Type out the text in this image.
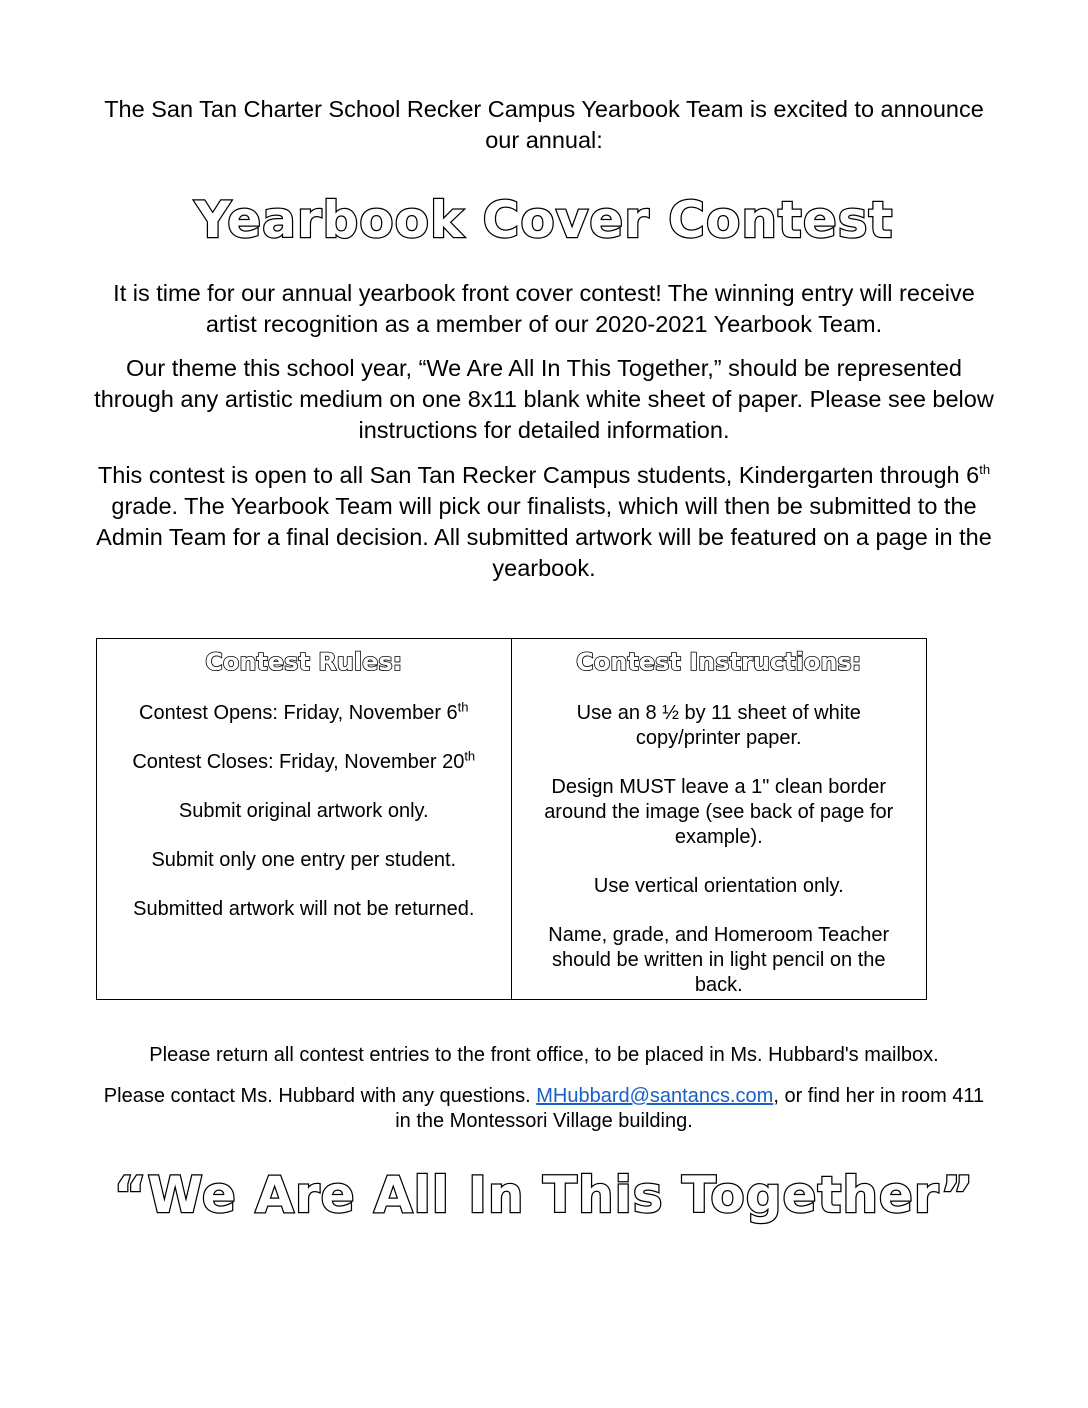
The San Tan Charter School Recker Campus Yearbook Team is excited to announce our annual:
Yearbook Cover Contest

It is time for our annual yearbook front cover contest! The winning entry will receive artist recognition as a member of our 2020-2021 Yearbook Team.

Our theme this school year, “We Are All In This Together,” should be represented through any artistic medium on one 8x11 blank white sheet of paper. Please see below instructions for detailed information.

This contest is open to all San Tan Recker Campus students, Kindergarten through 6th grade. The Yearbook Team will pick our finalists, which will then be submitted to the Admin Team for a final decision. All submitted artwork will be featured on a page in the yearbook.

Contest Rules:
Contest Opens: Friday, November 6th
Contest Closes: Friday, November 20th
Submit original artwork only.
Submit only one entry per student.
Submitted artwork will not be returned.
Contest Instructions:
Use an 8 ½ by 11 sheet of white copy/printer paper.
Design MUST leave a 1" clean border around the image (see back of page for example).
Use vertical orientation only.
Name, grade, and Homeroom Teacher should be written in light pencil on the back.
Please return all contest entries to the front office, to be placed in Ms. Hubbard's mailbox.
Please contact Ms. Hubbard with any questions. MHubbard@santancs.com, or find her in room 411 in the Montessori Village building.
“We Are All In This Together”
